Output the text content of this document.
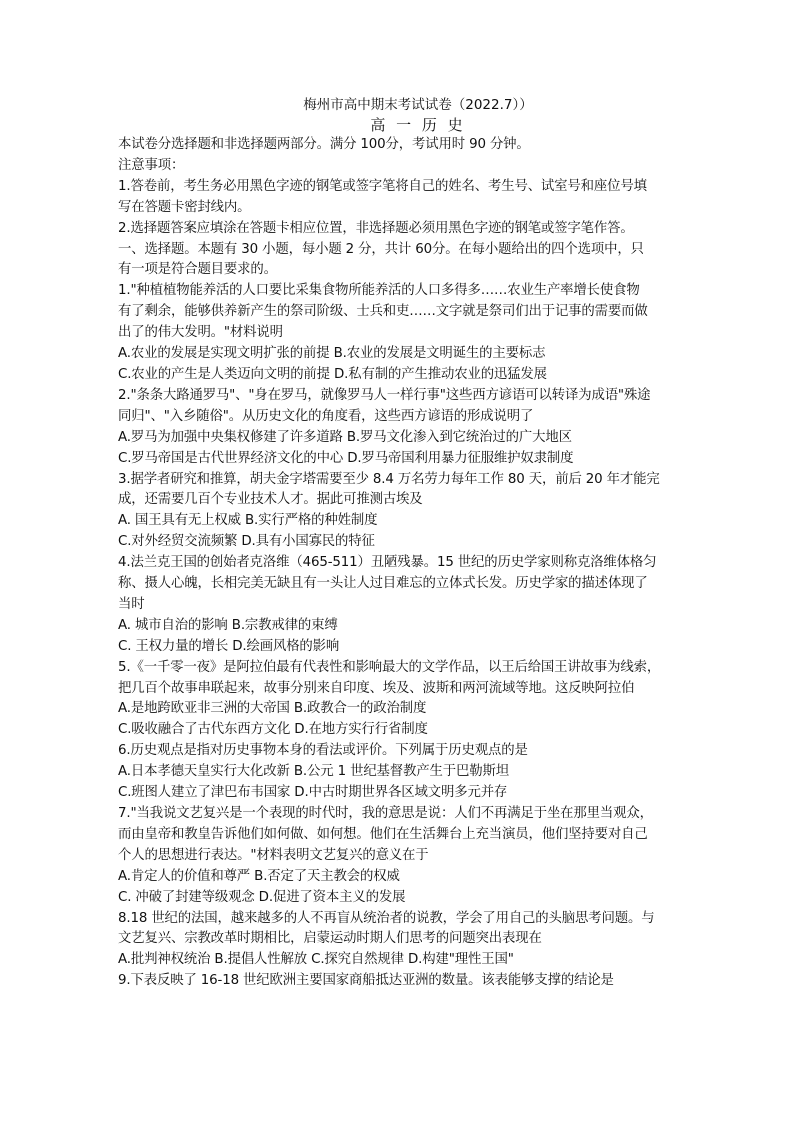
梅州市高中期末考试试卷（2022.7））
高 一 历 史
本试卷分选择题和非选择题两部分。满分 100分，考试用时 90 分钟。
注意事项：
1.答卷前，考生务必用黑色字迹的钢笔或签字笔将自己的姓名、考生号、试室号和座位号填
写在答题卡密封线内。
2.选择题答案应填涂在答题卡相应位置，非选择题必须用黑色字迹的钢笔或签字笔作答。
一、选择题。本题有 30 小题，每小题 2 分，共计 60分。在每小题给出的四个选项中，只
有一项是符合题目要求的。
1."种植植物能养活的人口要比采集食物所能养活的人口多得多……农业生产率增长使食物
有了剩余，能够供养新产生的祭司阶级、士兵和吏……文字就是祭司们出于记事的需要而做
出了的伟大发明。"材料说明
A.农业的发展是实现文明扩张的前提 B.农业的发展是文明诞生的主要标志
C.农业的产生是人类迈向文明的前提 D.私有制的产生推动农业的迅猛发展
2."条条大路通罗马"、"身在罗马，就像罗马人一样行事"这些西方谚语可以转译为成语"殊途
同归"、"入乡随俗"。从历史文化的角度看，这些西方谚语的形成说明了
A.罗马为加强中央集权修建了许多道路 B.罗马文化渗入到它统治过的广大地区
C.罗马帝国是古代世界经济文化的中心 D.罗马帝国利用暴力征服维护奴隶制度
3.据学者研究和推算，胡夫金字塔需要至少 8.4 万名劳力每年工作 80 天，前后 20 年才能完
成，还需要几百个专业技术人才。据此可推测古埃及
A. 国王具有无上权威 B.实行严格的种姓制度
C.对外经贸交流频繁 D.具有小国寡民的特征
4.法兰克王国的创始者克洛维（465-511）丑陋残暴。15 世纪的历史学家则称克洛维体格匀
称、摄人心魄，长相完美无缺且有一头让人过目难忘的立体式长发。历史学家的描述体现了
当时
A. 城市自治的影响 B.宗教戒律的束缚
C. 王权力量的增长 D.绘画风格的影响
5.《一千零一夜》是阿拉伯最有代表性和影响最大的文学作品，以王后给国王讲故事为线索，
把几百个故事串联起来，故事分别来自印度、埃及、波斯和两河流域等地。这反映阿拉伯
A.是地跨欧亚非三洲的大帝国 B.政教合一的政治制度
C.吸收融合了古代东西方文化 D.在地方实行行省制度
6.历史观点是指对历史事物本身的看法或评价。下列属于历史观点的是
A.日本孝德天皇实行大化改新 B.公元 1 世纪基督教产生于巴勒斯坦
C.班图人建立了津巴布韦国家 D.中古时期世界各区域文明多元并存
7."当我说文艺复兴是一个表现的时代时，我的意思是说：人们不再满足于坐在那里当观众，
而由皇帝和教皇告诉他们如何做、如何想。他们在生活舞台上充当演员，他们坚持要对自己
个人的思想进行表达。"材料表明文艺复兴的意义在于
A.肯定人的价值和尊严 B.否定了天主教会的权威
C. 冲破了封建等级观念 D.促进了资本主义的发展
8.18 世纪的法国，越来越多的人不再盲从统治者的说教，学会了用自己的头脑思考问题。与
文艺复兴、宗教改革时期相比，启蒙运动时期人们思考的问题突出表现在
A.批判神权统治 B.提倡人性解放 C.探究自然规律 D.构建"理性王国"
9.下表反映了 16-18 世纪欧洲主要国家商船抵达亚洲的数量。该表能够支撑的结论是
